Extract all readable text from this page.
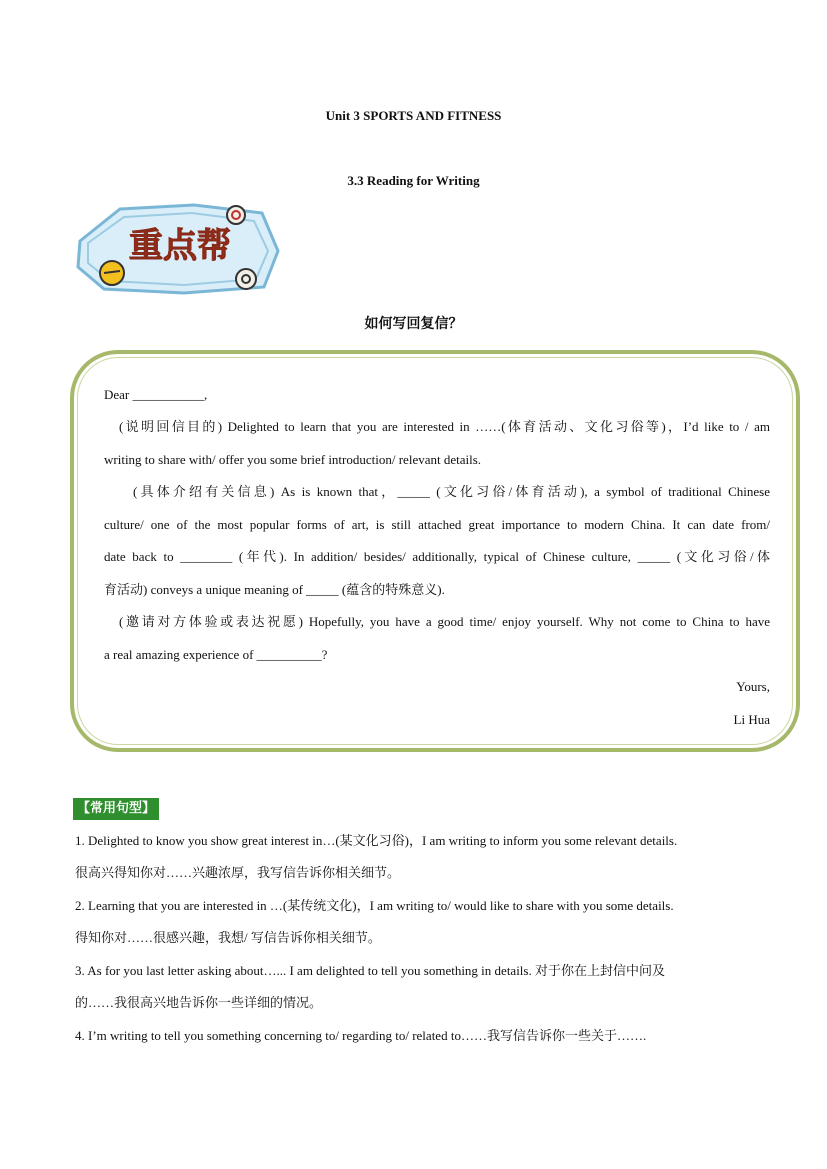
Unit 3 SPORTS AND FITNESS
3.3 Reading for Writing
重点帮
如何写回复信？
Dear ___________,
(说明回信目的) Delighted to learn that you are interested in ……(体育活动、文化习俗等)，I’d like to / am
writing to share with/ offer you some brief introduction/ relevant details.
(具体介绍有关信息) As is known that，_____ (文化习俗/体育活动), a symbol of traditional Chinese
culture/ one of the most popular forms of art, is still attached great importance to modern China. It can date from/
date back to ________ (年代). In addition/ besides/ additionally, typical of Chinese culture, _____ (文化习俗/体
育活动) conveys a unique meaning of _____ (蕴含的特殊意义).
(邀请对方体验或表达祝愿) Hopefully, you have a good time/ enjoy yourself. Why not come to China to have
a real amazing experience of __________?
Yours,
Li Hua
【常用句型】
1. Delighted to know you show great interest in…(某文化习俗)，I am writing to inform you some relevant details.
很高兴得知你对……兴趣浓厚，我写信告诉你相关细节。
2. Learning that you are interested in …(某传统文化)，I am writing to/ would like to share with you some details.
得知你对……很感兴趣，我想/ 写信告诉你相关细节。
3. As for you last letter asking about…... I am delighted to tell you something in details. 对于你在上封信中问及
的……我很高兴地告诉你一些详细的情况。
4. I’m writing to tell you something concerning to/ regarding to/ related to……我写信告诉你一些关于…….
